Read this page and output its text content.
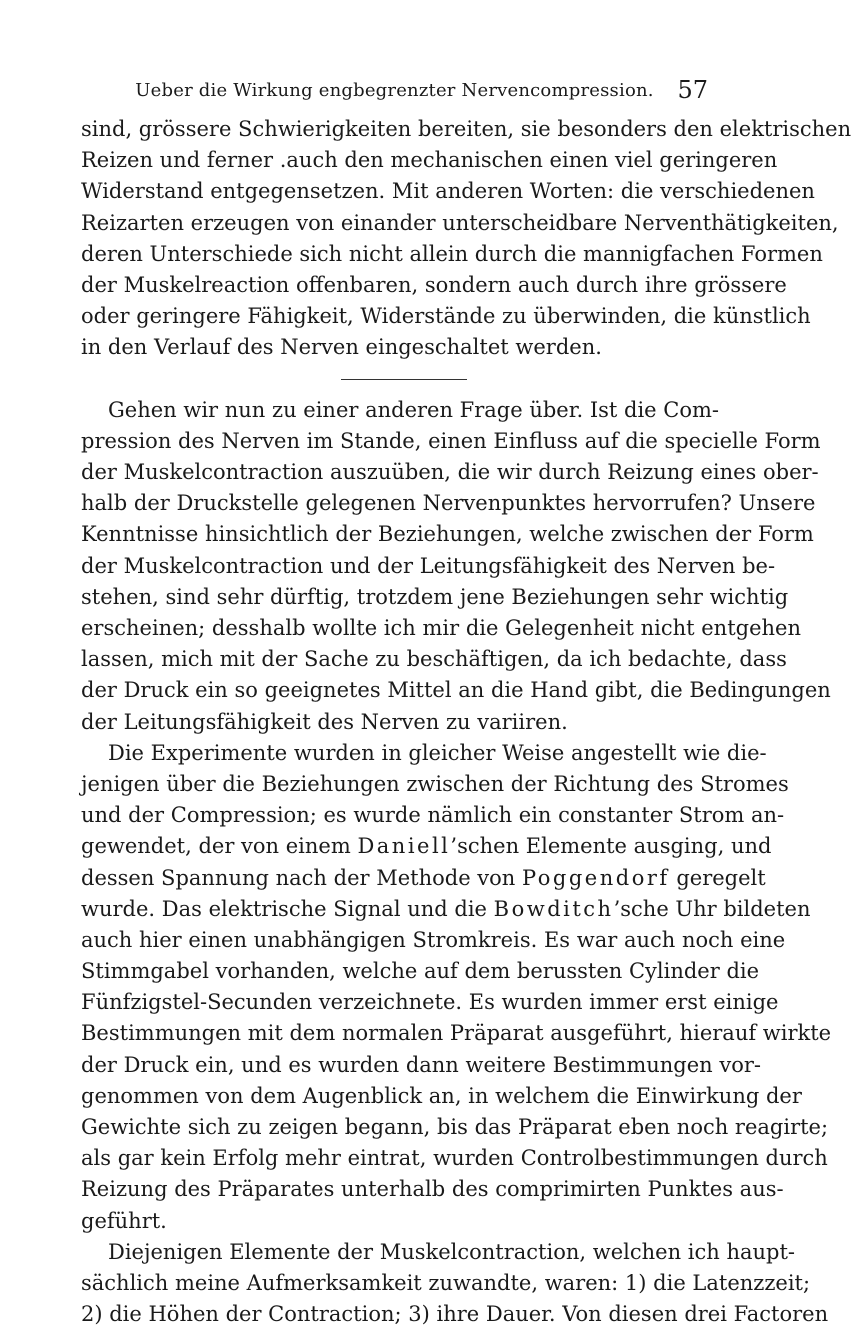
Ueber die Wirkung engbegrenzter Nervencompression. 57
sind, grössere Schwierigkeiten bereiten, sie besonders den elektrischen
Reizen und ferner .auch den mechanischen einen viel geringeren
Widerstand entgegensetzen. Mit anderen Worten: die verschiedenen
Reizarten erzeugen von einander unterscheidbare Nerventhätigkeiten,
deren Unterschiede sich nicht allein durch die mannigfachen Formen
der Muskelreaction offenbaren, sondern auch durch ihre grössere
oder geringere Fähigkeit, Widerstände zu überwinden, die künstlich
in den Verlauf des Nerven eingeschaltet werden.
Gehen wir nun zu einer anderen Frage über. Ist die Com-
pression des Nerven im Stande, einen Einfluss auf die specielle Form
der Muskelcontraction auszuüben, die wir durch Reizung eines ober-
halb der Druckstelle gelegenen Nervenpunktes hervorrufen? Unsere
Kenntnisse hinsichtlich der Beziehungen, welche zwischen der Form
der Muskelcontraction und der Leitungsfähigkeit des Nerven be-
stehen, sind sehr dürftig, trotzdem jene Beziehungen sehr wichtig
erscheinen; desshalb wollte ich mir die Gelegenheit nicht entgehen
lassen, mich mit der Sache zu beschäftigen, da ich bedachte, dass
der Druck ein so geeignetes Mittel an die Hand gibt, die Bedingungen
der Leitungsfähigkeit des Nerven zu variiren.
Die Experimente wurden in gleicher Weise angestellt wie die-
jenigen über die Beziehungen zwischen der Richtung des Stromes
und der Compression; es wurde nämlich ein constanter Strom an-
gewendet, der von einem Daniell’schen Elemente ausging, und
dessen Spannung nach der Methode von Poggendorf geregelt
wurde. Das elektrische Signal und die Bowditch’sche Uhr bildeten
auch hier einen unabhängigen Stromkreis. Es war auch noch eine
Stimmgabel vorhanden, welche auf dem berussten Cylinder die
Fünfzigstel-Secunden verzeichnete. Es wurden immer erst einige
Bestimmungen mit dem normalen Präparat ausgeführt, hierauf wirkte
der Druck ein, und es wurden dann weitere Bestimmungen vor-
genommen von dem Augenblick an, in welchem die Einwirkung der
Gewichte sich zu zeigen begann, bis das Präparat eben noch reagirte;
als gar kein Erfolg mehr eintrat, wurden Controlbestimmungen durch
Reizung des Präparates unterhalb des comprimirten Punktes aus-
geführt.
Diejenigen Elemente der Muskelcontraction, welchen ich haupt-
sächlich meine Aufmerksamkeit zuwandte, waren: 1) die Latenzzeit;
2) die Höhen der Contraction; 3) ihre Dauer. Von diesen drei Factoren
